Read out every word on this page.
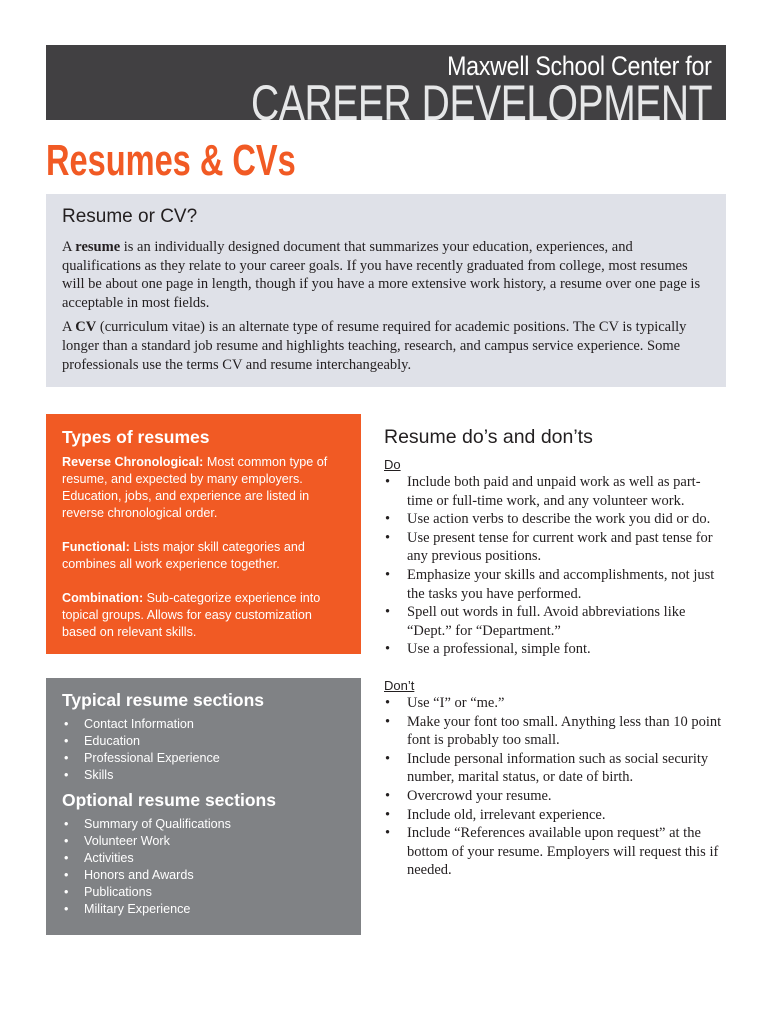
Maxwell School Center for
CAREER DEVELOPMENT
Resumes & CVs
Resume or CV?

A resume is an individually designed document that summarizes your education, experiences, and qualifications as they relate to your career goals. If you have recently graduated from college, most resumes will be about one page in length, though if you have a more extensive work history, a resume over one page is acceptable in most fields.

A CV (curriculum vitae) is an alternate type of resume required for academic positions. The CV is typically longer than a standard job resume and highlights teaching, research, and campus service experience. Some professionals use the terms CV and resume interchangeably.

Types of resumes
Reverse Chronological: Most common type of resume, and expected by many employers. Education, jobs, and experience are listed in reverse chronological order.
Functional: Lists major skill categories and combines all work experience together.
Combination: Sub-categorize experience into topical groups. Allows for easy customization based on relevant skills.
Typical resume sections
• Contact Information
• Education
• Professional Experience
• Skills
Optional resume sections
• Summary of Qualifications
• Volunteer Work
• Activities
• Honors and Awards
• Publications
• Military Experience
Resume do’s and don’ts

Do

• Include both paid and unpaid work as well as part-time or full-time work, and any volunteer work.
• Use action verbs to describe the work you did or do.
• Use present tense for current work and past tense for any previous positions.
• Emphasize your skills and accomplishments, not just the tasks you have performed.
• Spell out words in full. Avoid abbreviations like “Dept.” for “Department.”
• Use a professional, simple font.

Don’t

• Use “I” or “me.”
• Make your font too small. Anything less than 10 point font is probably too small.
• Include personal information such as social security number, marital status, or date of birth.
• Overcrowd your resume.
• Include old, irrelevant experience.
• Include “References available upon request” at the bottom of your resume. Employers will request this if needed.
